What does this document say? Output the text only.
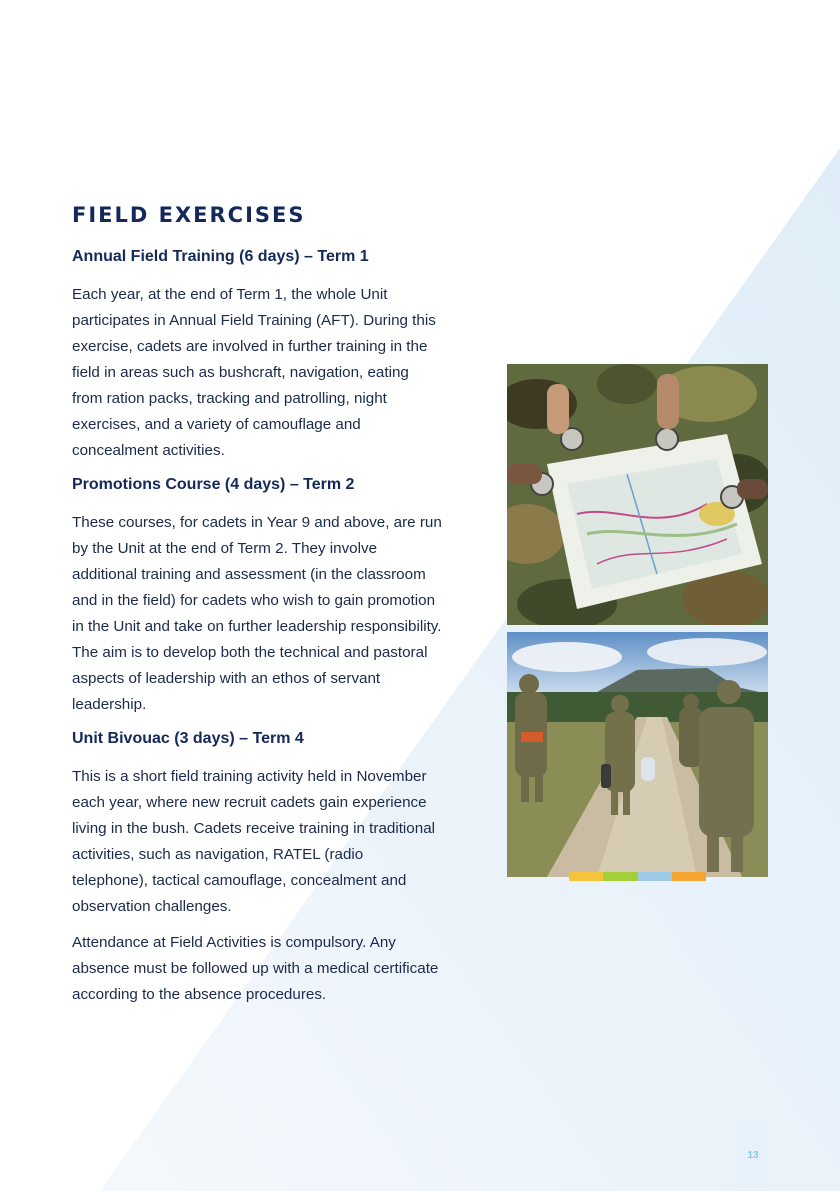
FIELD EXERCISES
Annual Field Training (6 days) – Term 1

Each year, at the end of Term 1, the whole Unit participates in Annual Field Training (AFT). During this exercise, cadets are involved in further training in the field in areas such as bushcraft, navigation, eating from ration packs, tracking and patrolling, night exercises, and a variety of camouflage and concealment activities.

Promotions Course (4 days) – Term 2

These courses, for cadets in Year 9 and above, are run by the Unit at the end of Term 2. They involve additional training and assessment (in the classroom and in the field) for cadets who wish to gain promotion in the Unit and take on further leadership responsibility. The aim is to develop both the technical and pastoral aspects of leadership with an ethos of servant leadership.

Unit Bivouac (3 days) – Term 4

This is a short field training activity held in November each year, where new recruit cadets gain experience living in the bush. Cadets receive training in traditional activities, such as navigation, RATEL (radio telephone), tactical camouflage, concealment and observation challenges.

Attendance at Field Activities is compulsory. Any absence must be followed up with a medical certificate according to the absence procedures.

13
